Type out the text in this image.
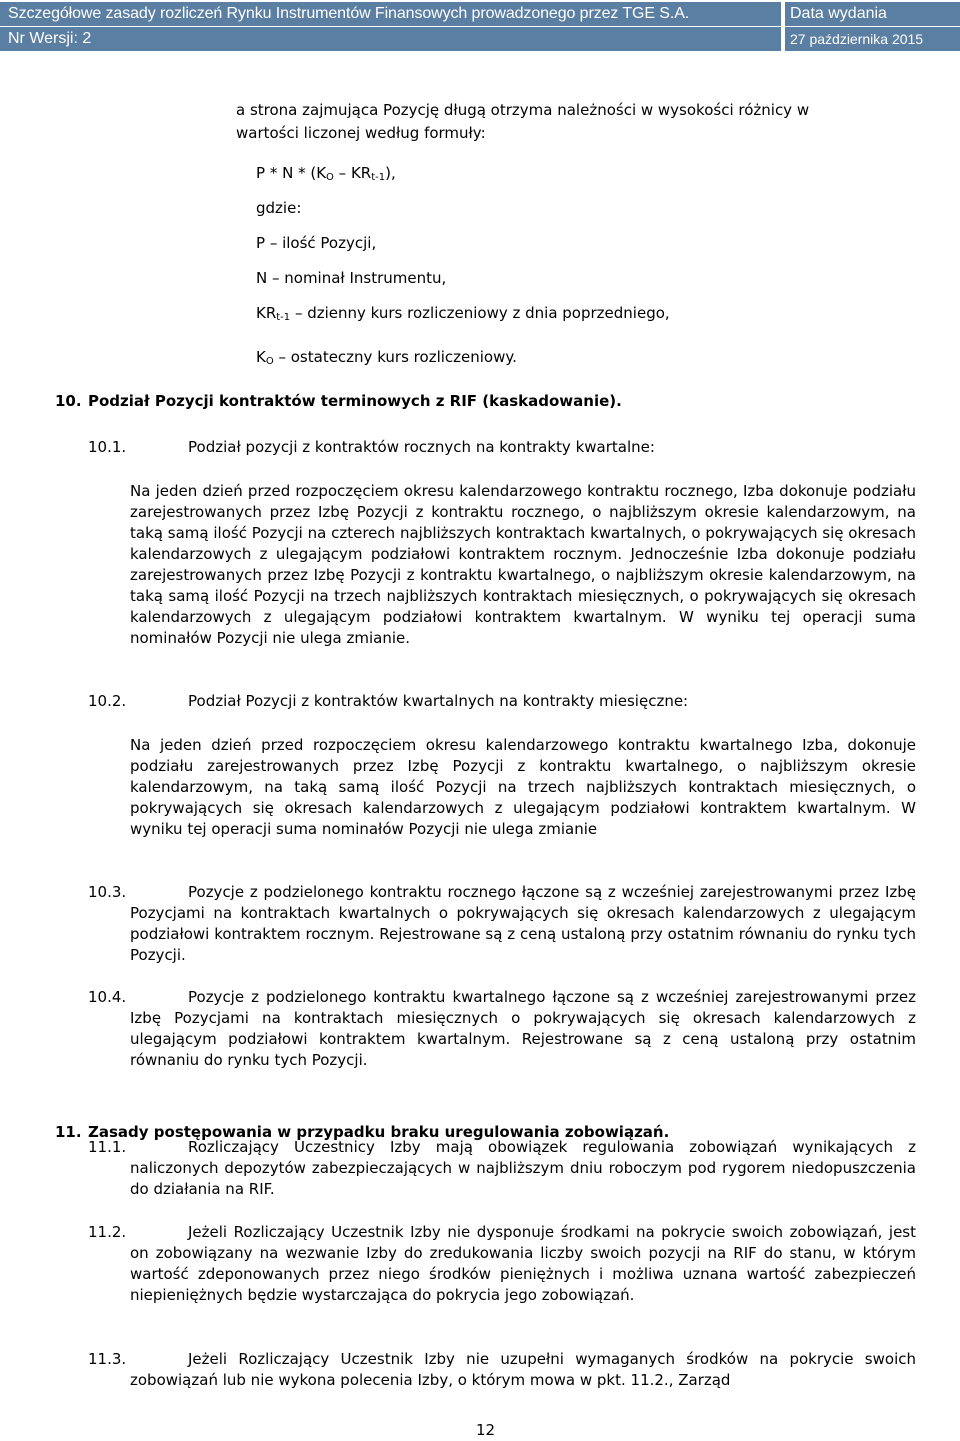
Szczegółowe zasady rozliczeń Rynku Instrumentów Finansowych prowadzonego przez TGE S.A.	Data wydania
Nr Wersji: 2	27 października 2015
a strona zajmująca Pozycję długą otrzyma należności w wysokości różnicy w
wartości liczonej według formuły:
P * N * $(K_O - KR_{t-1})$,
gdzie:
P – ilość Pozycji,
N – nominał Instrumentu,
$KR_{t-1}$ – dzienny kurs rozliczeniowy z dnia poprzedniego,
$K_O$ – ostateczny kurs rozliczeniowy.
10. Podział Pozycji kontraktów terminowych z RIF (kaskadowanie).
10.1.	Podział pozycji z kontraktów rocznych na kontrakty kwartalne:
Na jeden dzień przed rozpoczęciem okresu kalendarzowego kontraktu rocznego, Izba dokonuje podziału zarejestrowanych przez Izbę Pozycji z kontraktu rocznego, o najbliższym okresie kalendarzowym, na taką samą ilość Pozycji na czterech najbliższych kontraktach kwartalnych, o pokrywających się okresach kalendarzowych z ulegającym podziałowi kontraktem rocznym. Jednocześnie Izba dokonuje podziału zarejestrowanych przez Izbę Pozycji z kontraktu kwartalnego, o najbliższym okresie kalendarzowym, na taką samą ilość Pozycji na trzech najbliższych kontraktach miesięcznych, o pokrywających się okresach kalendarzowych z ulegającym podziałowi kontraktem kwartalnym. W wyniku tej operacji suma nominałów Pozycji nie ulega zmianie.
10.2.	Podział Pozycji z kontraktów kwartalnych na kontrakty miesięczne:
Na jeden dzień przed rozpoczęciem okresu kalendarzowego kontraktu kwartalnego Izba, dokonuje podziału zarejestrowanych przez Izbę Pozycji z kontraktu kwartalnego, o najbliższym okresie kalendarzowym, na taką samą ilość Pozycji na trzech najbliższych kontraktach miesięcznych, o pokrywających się okresach kalendarzowych z ulegającym podziałowi kontraktem kwartalnym. W wyniku tej operacji suma nominałów Pozycji nie ulega zmianie
10.3.	Pozycje z podzielonego kontraktu rocznego łączone są z wcześniej zarejestrowanymi przez Izbę Pozycjami na kontraktach kwartalnych o pokrywających się okresach kalendarzowych z ulegającym podziałowi kontraktem rocznym. Rejestrowane są z ceną ustaloną przy ostatnim równaniu do rynku tych Pozycji.
10.4.	Pozycje z podzielonego kontraktu kwartalnego łączone są z wcześniej zarejestrowanymi przez Izbę Pozycjami na kontraktach miesięcznych o pokrywających się okresach kalendarzowych z ulegającym podziałowi kontraktem kwartalnym. Rejestrowane są z ceną ustaloną przy ostatnim równaniu do rynku tych Pozycji.
11. Zasady postępowania w przypadku braku uregulowania zobowiązań.
11.1.	Rozliczający Uczestnicy Izby mają obowiązek regulowania zobowiązań wynikających z naliczonych depozytów zabezpieczających w najbliższym dniu roboczym pod rygorem niedopuszczenia do działania na RIF.
11.2.	Jeżeli Rozliczający Uczestnik Izby nie dysponuje środkami na pokrycie swoich zobowiązań, jest on zobowiązany na wezwanie Izby do zredukowania liczby swoich pozycji na RIF do stanu, w którym wartość zdeponowanych przez niego środków pieniężnych i możliwa uznana wartość zabezpieczeń niepieniężnych będzie wystarczająca do pokrycia jego zobowiązań.
11.3.	Jeżeli Rozliczający Uczestnik Izby nie uzupełni wymaganych środków na pokrycie swoich zobowiązań lub nie wykona polecenia Izby, o którym mowa w pkt. 11.2., Zarząd
12
